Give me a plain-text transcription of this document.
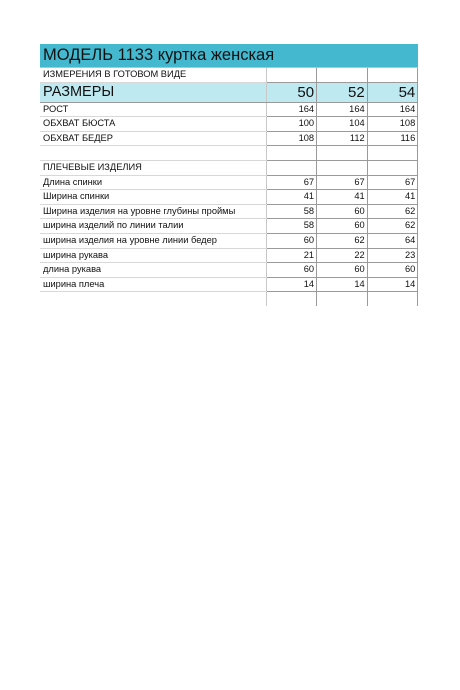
МОДЕЛЬ 1133 куртка женская
ИЗМЕРЕНИЯ В ГОТОВОМ ВИДЕ			
РАЗМЕРЫ	50	52	54
РОСТ	164	164	164
ОБХВАТ БЮСТА	100	104	108
ОБХВАТ БЕДЕР	108	112	116

ПЛЕЧЕВЫЕ ИЗДЕЛИЯ			
Длина спинки	67	67	67
Ширина спинки	41	41	41
Ширина изделия на уровне глубины проймы	58	60	62
ширина изделий по линии талии	58	60	62
ширина изделия на уровне линии бедер	60	62	64
ширина рукава	21	22	23
длина рукава	60	60	60
ширина плеча	14	14	14
